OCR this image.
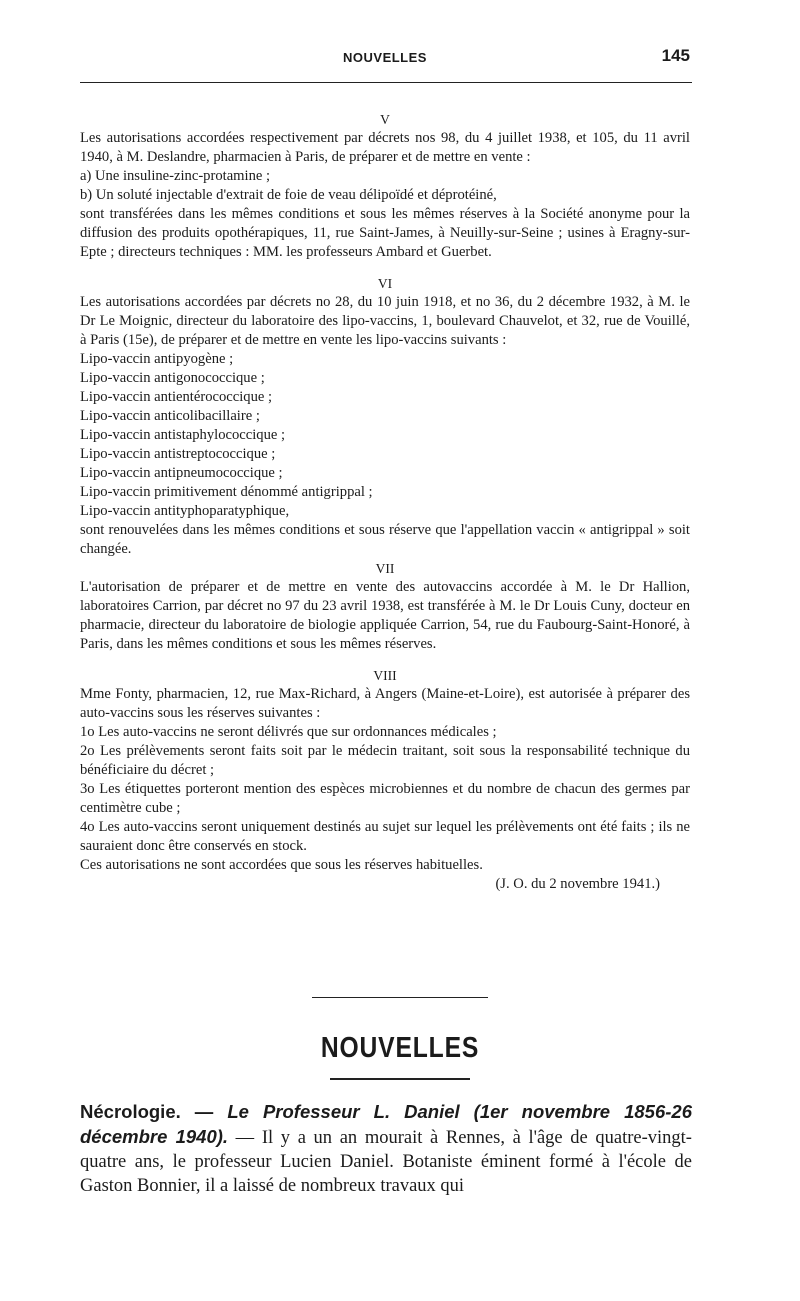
NOUVELLES	145
V

Les autorisations accordées respectivement par décrets nos 98, du 4 juillet 1938, et 105, du 11 avril 1940, à M. Deslandre, pharmacien à Paris, de préparer et de mettre en vente :

a) Une insuline-zinc-protamine ;

b) Un soluté injectable d'extrait de foie de veau délipoïdé et déprotéiné,

sont transférées dans les mêmes conditions et sous les mêmes réserves à la Société anonyme pour la diffusion des produits opothérapiques, 11, rue Saint-James, à Neuilly-sur-Seine ; usines à Eragny-sur-Epte ; directeurs techniques : MM. les professeurs Ambard et Guerbet.

VI

Les autorisations accordées par décrets no 28, du 10 juin 1918, et no 36, du 2 décembre 1932, à M. le Dr Le Moignic, directeur du laboratoire des lipo-vaccins, 1, boulevard Chauvelot, et 32, rue de Vouillé, à Paris (15e), de préparer et de mettre en vente les lipo-vaccins suivants :

Lipo-vaccin antipyogène ;

Lipo-vaccin antigonococcique ;

Lipo-vaccin antientérococcique ;

Lipo-vaccin anticolibacillaire ;

Lipo-vaccin antistaphylococcique ;

Lipo-vaccin antistreptococcique ;

Lipo-vaccin antipneumococcique ;

Lipo-vaccin primitivement dénommé antigrippal ;

Lipo-vaccin antityphoparatyphique,

sont renouvelées dans les mêmes conditions et sous réserve que l'appellation vaccin « antigrippal » soit changée.

VII

L'autorisation de préparer et de mettre en vente des autovaccins accordée à M. le Dr Hallion, laboratoires Carrion, par décret no 97 du 23 avril 1938, est transférée à M. le Dr Louis Cuny, docteur en pharmacie, directeur du laboratoire de biologie appliquée Carrion, 54, rue du Faubourg-Saint-Honoré, à Paris, dans les mêmes conditions et sous les mêmes réserves.

VIII

Mme Fonty, pharmacien, 12, rue Max-Richard, à Angers (Maine-et-Loire), est autorisée à préparer des auto-vaccins sous les réserves suivantes :

1o Les auto-vaccins ne seront délivrés que sur ordonnances médicales ;

2o Les prélèvements seront faits soit par le médecin traitant, soit sous la responsabilité technique du bénéficiaire du décret ;

3o Les étiquettes porteront mention des espèces microbiennes et du nombre de chacun des germes par centimètre cube ;

4o Les auto-vaccins seront uniquement destinés au sujet sur lequel les prélèvements ont été faits ; ils ne sauraient donc être conservés en stock.

Ces autorisations ne sont accordées que sous les réserves habituelles.

(J. O. du 2 novembre 1941.)

NOUVELLES
Nécrologie. — Le Professeur L. Daniel (1er novembre 1856-26 décembre 1940). — Il y a un an mourait à Rennes, à l'âge de quatre-vingt-quatre ans, le professeur Lucien Daniel. Botaniste éminent formé à l'école de Gaston Bonnier, il a laissé de nombreux travaux qui
